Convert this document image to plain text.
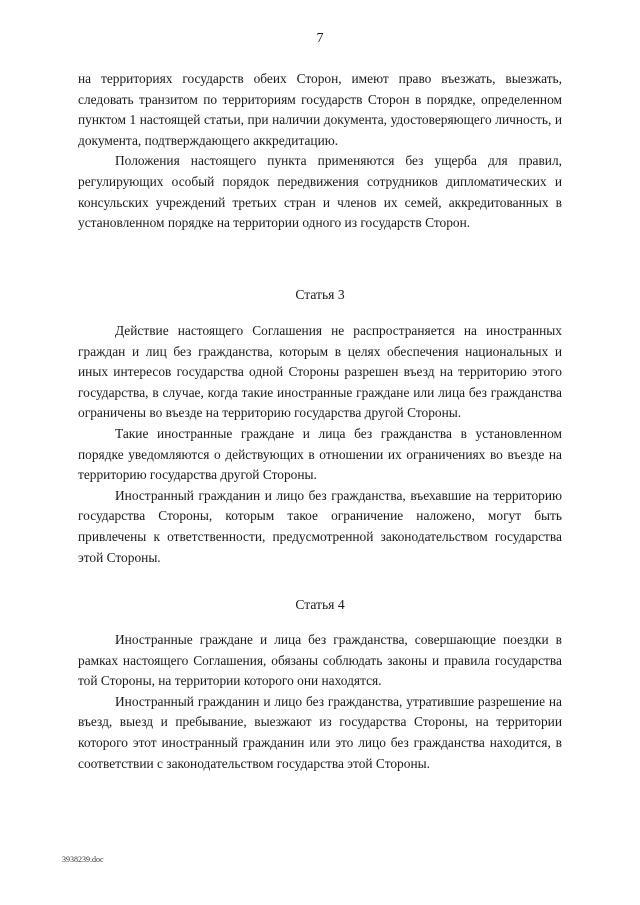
7

на территориях государств обеих Сторон, имеют право въезжать, выезжать, следовать транзитом по территориям государств Сторон в порядке, определенном пунктом 1 настоящей статьи, при наличии документа, удостоверяющего личность, и документа, подтверждающего аккредитацию.

Положения настоящего пункта применяются без ущерба для правил, регулирующих особый порядок передвижения сотрудников дипломатических и консульских учреждений третьих стран и членов их семей, аккредитованных в установленном порядке на территории одного из государств Сторон.

Статья 3

Действие настоящего Соглашения не распространяется на иностранных граждан и лиц без гражданства, которым в целях обеспечения национальных и иных интересов государства одной Стороны разрешен въезд на территорию этого государства, в случае, когда такие иностранные граждане или лица без гражданства ограничены во въезде на территорию государства другой Стороны.

Такие иностранные граждане и лица без гражданства в установленном порядке уведомляются о действующих в отношении их ограничениях во въезде на территорию государства другой Стороны.

Иностранный гражданин и лицо без гражданства, въехавшие на территорию государства Стороны, которым такое ограничение наложено, могут быть привлечены к ответственности, предусмотренной законодательством государства этой Стороны.

Статья 4

Иностранные граждане и лица без гражданства, совершающие поездки в рамках настоящего Соглашения, обязаны соблюдать законы и правила государства той Стороны, на территории которого они находятся.

Иностранный гражданин и лицо без гражданства, утратившие разрешение на въезд, выезд и пребывание, выезжают из государства Стороны, на территории которого этот иностранный гражданин или это лицо без гражданства находится, в соответствии с законодательством государства этой Стороны.

3938239.doc
